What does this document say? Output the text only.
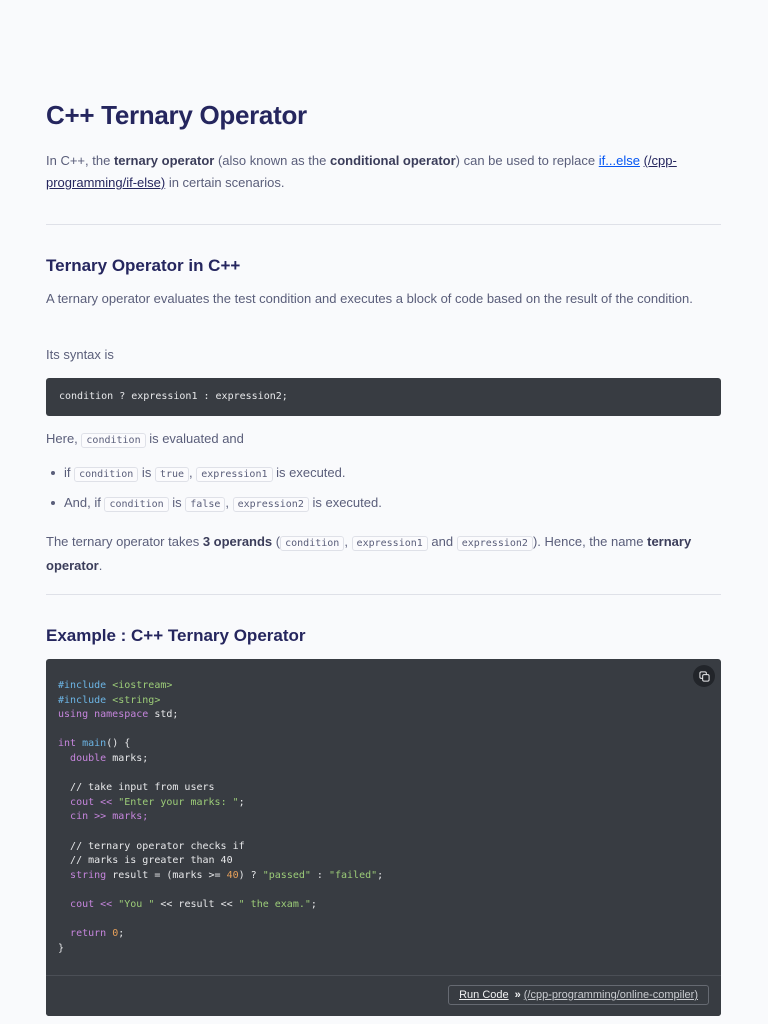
C++ Ternary Operator

In C++, the ternary operator (also known as the conditional operator) can be used to replace if...else (/cpp-programming/if-else) in certain scenarios.

Ternary Operator in C++

A ternary operator evaluates the test condition and executes a block of code based on the result of the condition.

Its syntax is

condition ? expression1 : expression2;

Here, condition is evaluated and

if condition is true , expression1 is executed.
And, if condition is false , expression2 is executed.

The ternary operator takes 3 operands ( condition , expression1 and expression2 ). Hence, the name ternary operator.

Example : C++ Ternary Operator
#include <iostream>
#include <string>
using namespace std;

int main() {
double marks;

// take input from users
cout << "Enter your marks: ";
cin >> marks;

// ternary operator checks if
// marks is greater than 40
string result = (marks >= 40) ? "passed" : "failed";

cout << "You " << result << " the exam.";

return 0;
}
Run Code » (/cpp-programming/online-compiler)
